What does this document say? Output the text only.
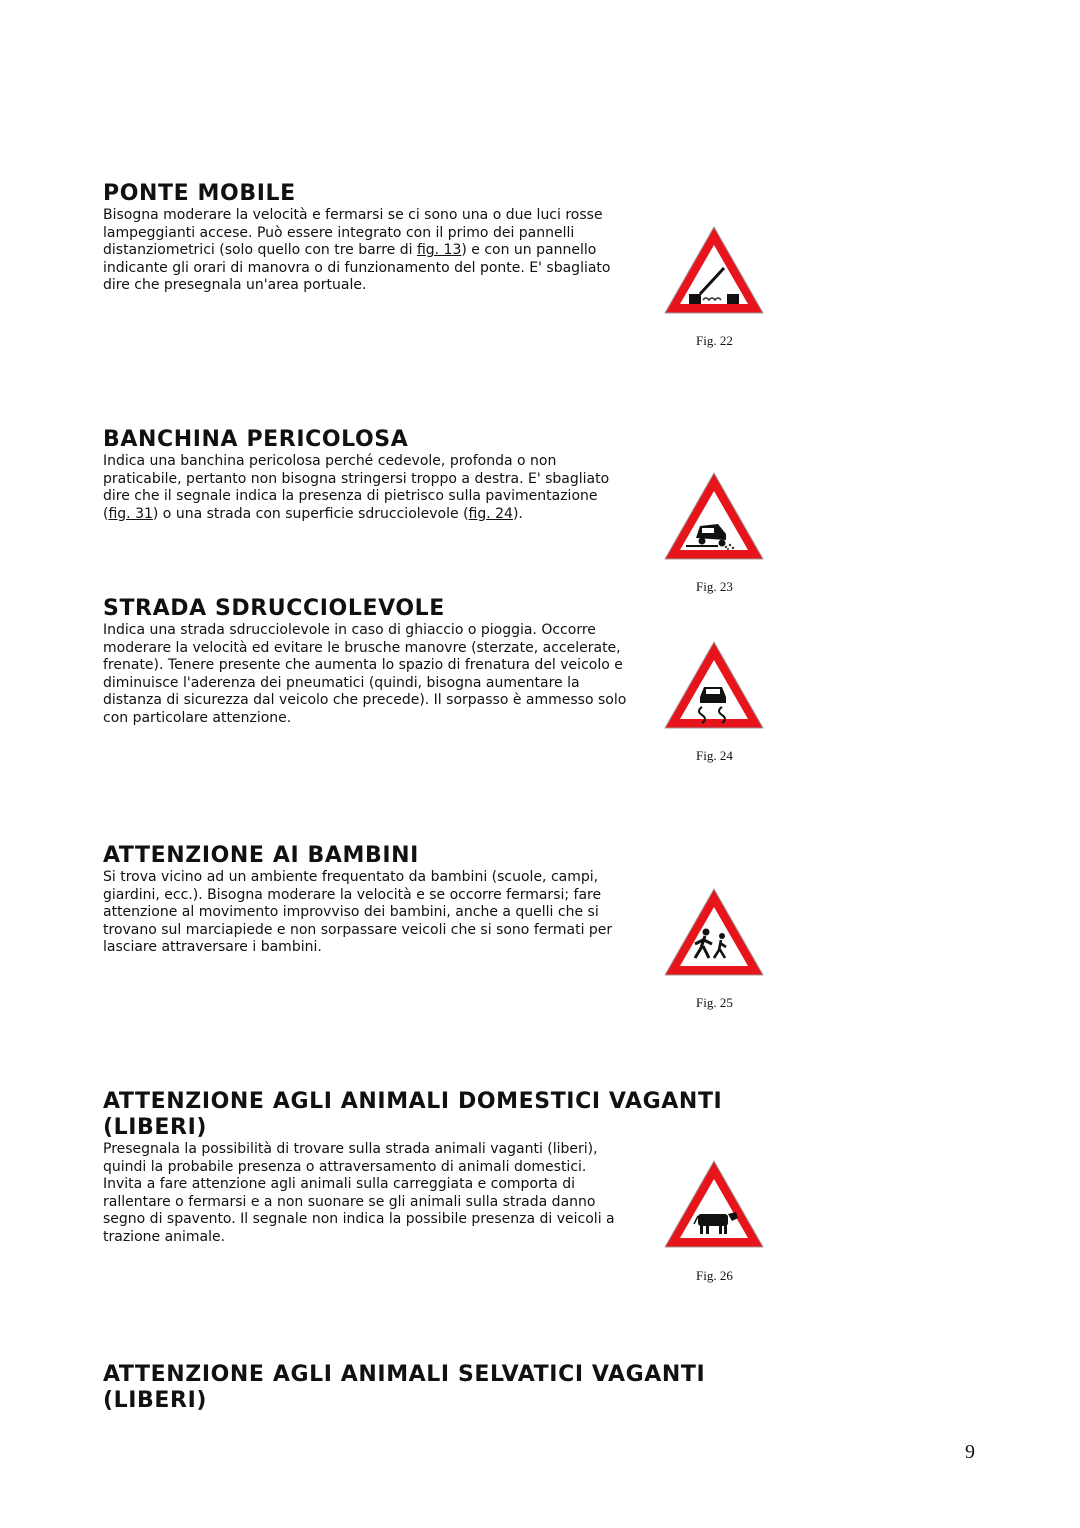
PONTE MOBILE

Bisogna moderare la velocità e fermarsi se ci sono una o due luci rosse lampeggianti accese. Può essere integrato con il primo dei pannelli distanziometrici (solo quello con tre barre di fig. 13) e con un pannello indicante gli orari di manovra o di funzionamento del ponte. E' sbagliato dire che presegnala un'area portuale.

Fig. 22
BANCHINA PERICOLOSA

Indica una banchina pericolosa perché cedevole, profonda o non praticabile, pertanto non bisogna stringersi troppo a destra. E' sbagliato dire che il segnale indica la presenza di pietrisco sulla pavimentazione (fig. 31) o una strada con superficie sdrucciolevole (fig. 24).

Fig. 23
STRADA SDRUCCIOLEVOLE

Indica una strada sdrucciolevole in caso di ghiaccio o pioggia. Occorre moderare la velocità ed evitare le brusche manovre (sterzate, accelerate, frenate). Tenere presente che aumenta lo spazio di frenatura del veicolo e diminuisce l'aderenza dei pneumatici (quindi, bisogna aumentare la distanza di sicurezza dal veicolo che precede). Il sorpasso è ammesso solo con particolare attenzione.

Fig. 24
ATTENZIONE AI BAMBINI

Si trova vicino ad un ambiente frequentato da bambini (scuole, campi, giardini, ecc.). Bisogna moderare la velocità e se occorre fermarsi; fare attenzione al movimento improvviso dei bambini, anche a quelli che si trovano sul marciapiede e non sorpassare veicoli che si sono fermati per lasciare attraversare i bambini.

Fig. 25
ATTENZIONE AGLI ANIMALI DOMESTICI VAGANTI (LIBERI)

Presegnala la possibilità di trovare sulla strada animali vaganti (liberi), quindi la probabile presenza o attraversamento di animali domestici. Invita a fare attenzione agli animali sulla carreggiata e comporta di rallentare o fermarsi e a non suonare se gli animali sulla strada danno segno di spavento. Il segnale non indica la possibile presenza di veicoli a trazione animale.

Fig. 26
ATTENZIONE AGLI ANIMALI SELVATICI VAGANTI (LIBERI)
9
